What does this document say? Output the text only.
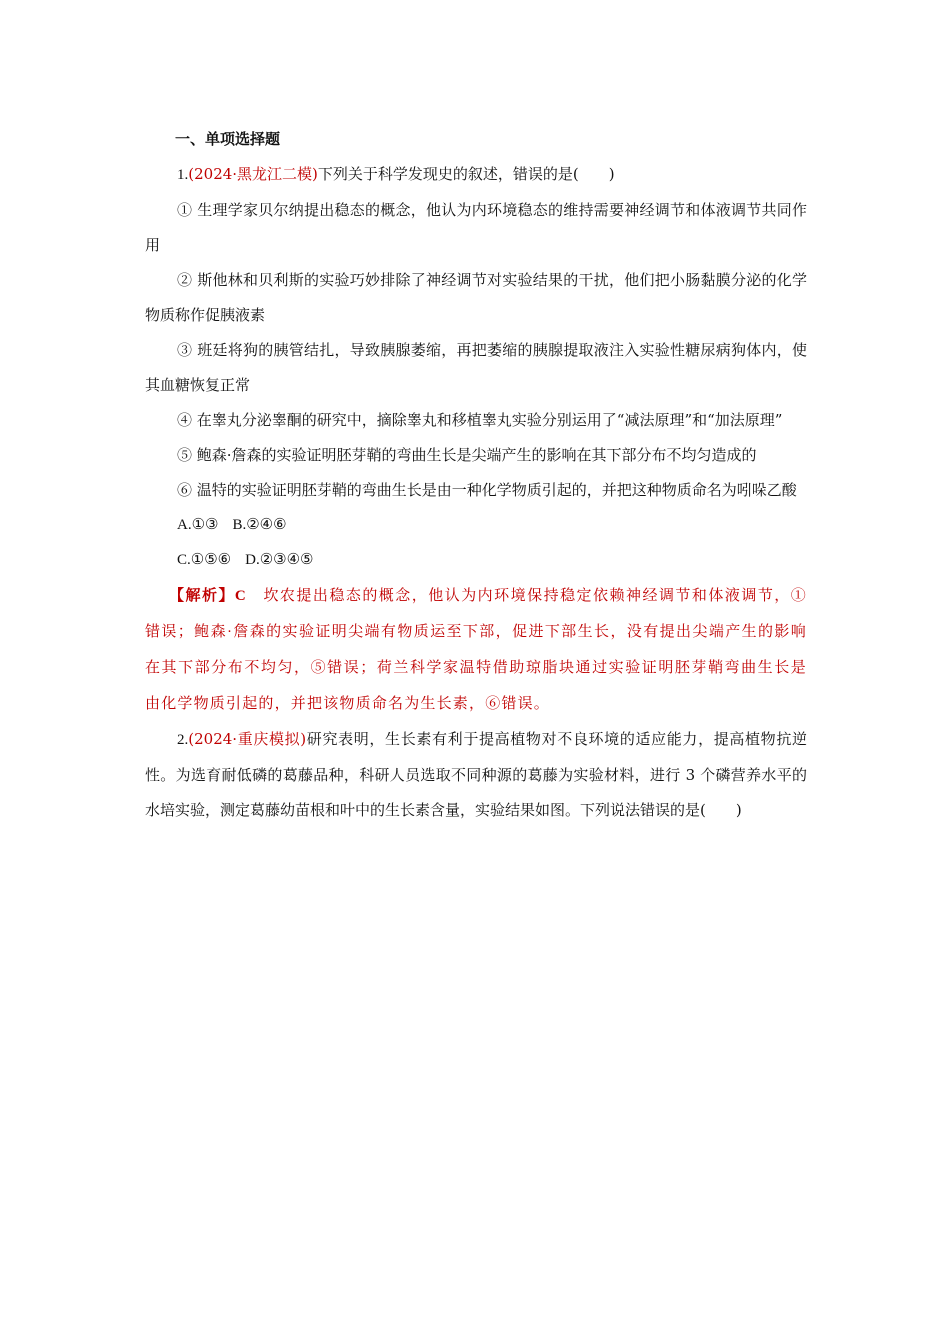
一、单项选择题

1.(2024·黑龙江二模)下列关于科学发现史的叙述，错误的是(　　)

① 生理学家贝尔纳提出稳态的概念，他认为内环境稳态的维持需要神经调节和体液调节共同作用

② 斯他林和贝利斯的实验巧妙排除了神经调节对实验结果的干扰，他们把小肠黏膜分泌的化学物质称作促胰液素

③ 班廷将狗的胰管结扎，导致胰腺萎缩，再把萎缩的胰腺提取液注入实验性糖尿病狗体内，使其血糖恢复正常

④ 在睾丸分泌睾酮的研究中，摘除睾丸和移植睾丸实验分别运用了“减法原理”和“加法原理”

⑤ 鲍森·詹森的实验证明胚芽鞘的弯曲生长是尖端产生的影响在其下部分布不均匀造成的

⑥ 温特的实验证明胚芽鞘的弯曲生长是由一种化学物质引起的，并把这种物质命名为吲哚乙酸

A.①③ B.②④⑥

C.①⑤⑥ D.②③④⑤

【解析】C  坎农提出稳态的概念，他认为内环境保持稳定依赖神经调节和体液调节，①错误；鲍森·詹森的实验证明尖端有物质运至下部，促进下部生长，没有提出尖端产生的影响在其下部分布不均匀，⑤错误；荷兰科学家温特借助琼脂块通过实验证明胚芽鞘弯曲生长是由化学物质引起的，并把该物质命名为生长素，⑥错误。

2.(2024·重庆模拟)研究表明，生长素有利于提高植物对不良环境的适应能力，提高植物抗逆性。为选育耐低磷的葛藤品种，科研人员选取不同种源的葛藤为实验材料，进行 3 个磷营养水平的水培实验，测定葛藤幼苗根和叶中的生长素含量，实验结果如图。下列说法错误的是(　　)
